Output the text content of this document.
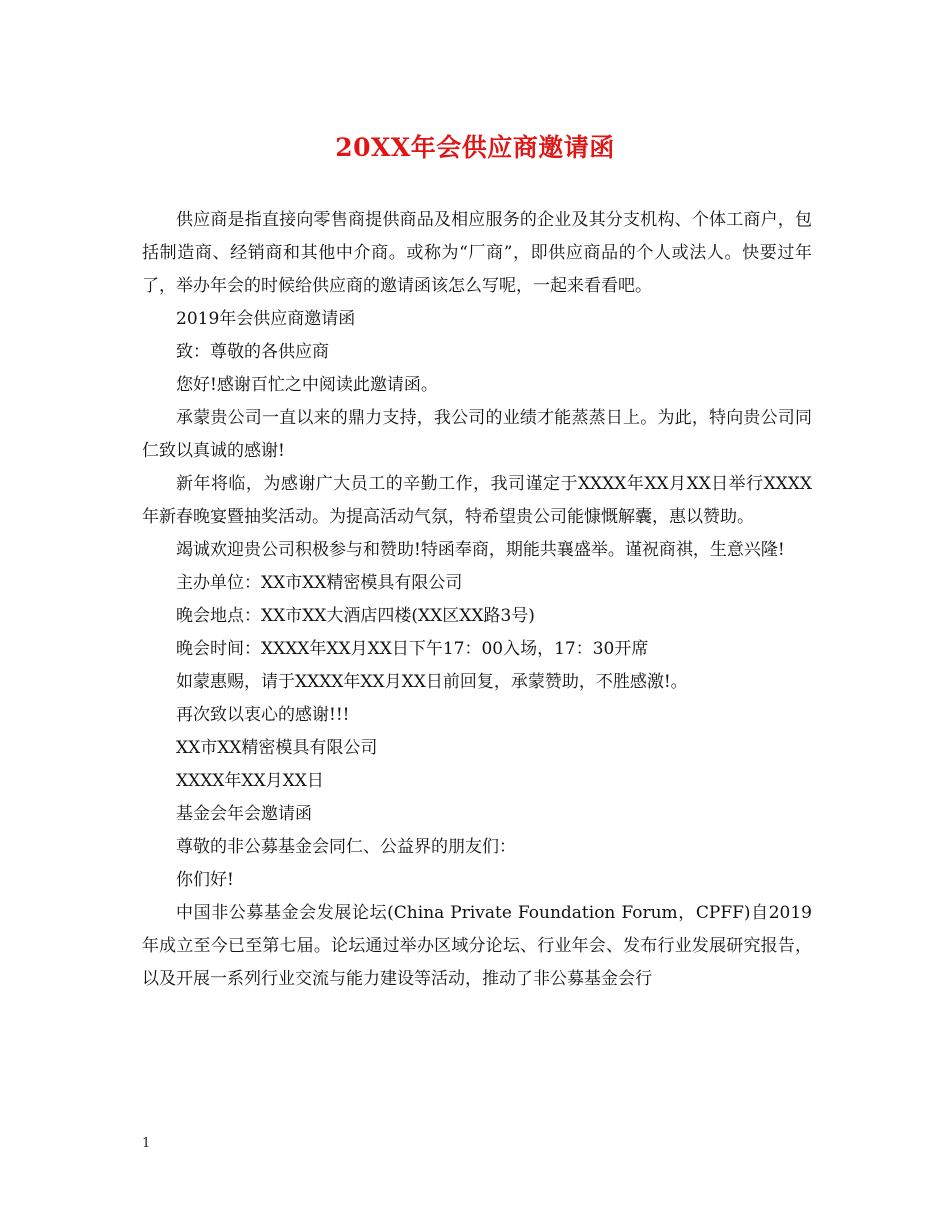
20XX年会供应商邀请函

供应商是指直接向零售商提供商品及相应服务的企业及其分支机构、个体工商户，包括制造商、经销商和其他中介商。或称为“厂商”，即供应商品的个人或法人。快要过年了，举办年会的时候给供应商的邀请函该怎么写呢，一起来看看吧。

2019年会供应商邀请函

致：尊敬的各供应商

您好!感谢百忙之中阅读此邀请函。

承蒙贵公司一直以来的鼎力支持，我公司的业绩才能蒸蒸日上。为此，特向贵公司同仁致以真诚的感谢!

新年将临，为感谢广大员工的辛勤工作，我司谨定于XXXX年XX月XX日举行XXXX年新春晚宴暨抽奖活动。为提高活动气氛，特希望贵公司能慷慨解囊，惠以赞助。

竭诚欢迎贵公司积极参与和赞助!特函奉商，期能共襄盛举。谨祝商祺，生意兴隆!

主办单位：XX市XX精密模具有限公司

晚会地点：XX市XX大酒店四楼(XX区XX路3号)

晚会时间：XXXX年XX月XX日下午17：00入场，17：30开席

如蒙惠赐，请于XXXX年XX月XX日前回复，承蒙赞助，不胜感激!。

再次致以衷心的感谢!!!

XX市XX精密模具有限公司

XXXX年XX月XX日

基金会年会邀请函

尊敬的非公募基金会同仁、公益界的朋友们：

你们好!

中国非公募基金会发展论坛(China Private Foundation Forum，CPFF)自2019年成立至今已至第七届。论坛通过举办区域分论坛、行业年会、发布行业发展研究报告，以及开展一系列行业交流与能力建设等活动，推动了非公募基金会行

1
